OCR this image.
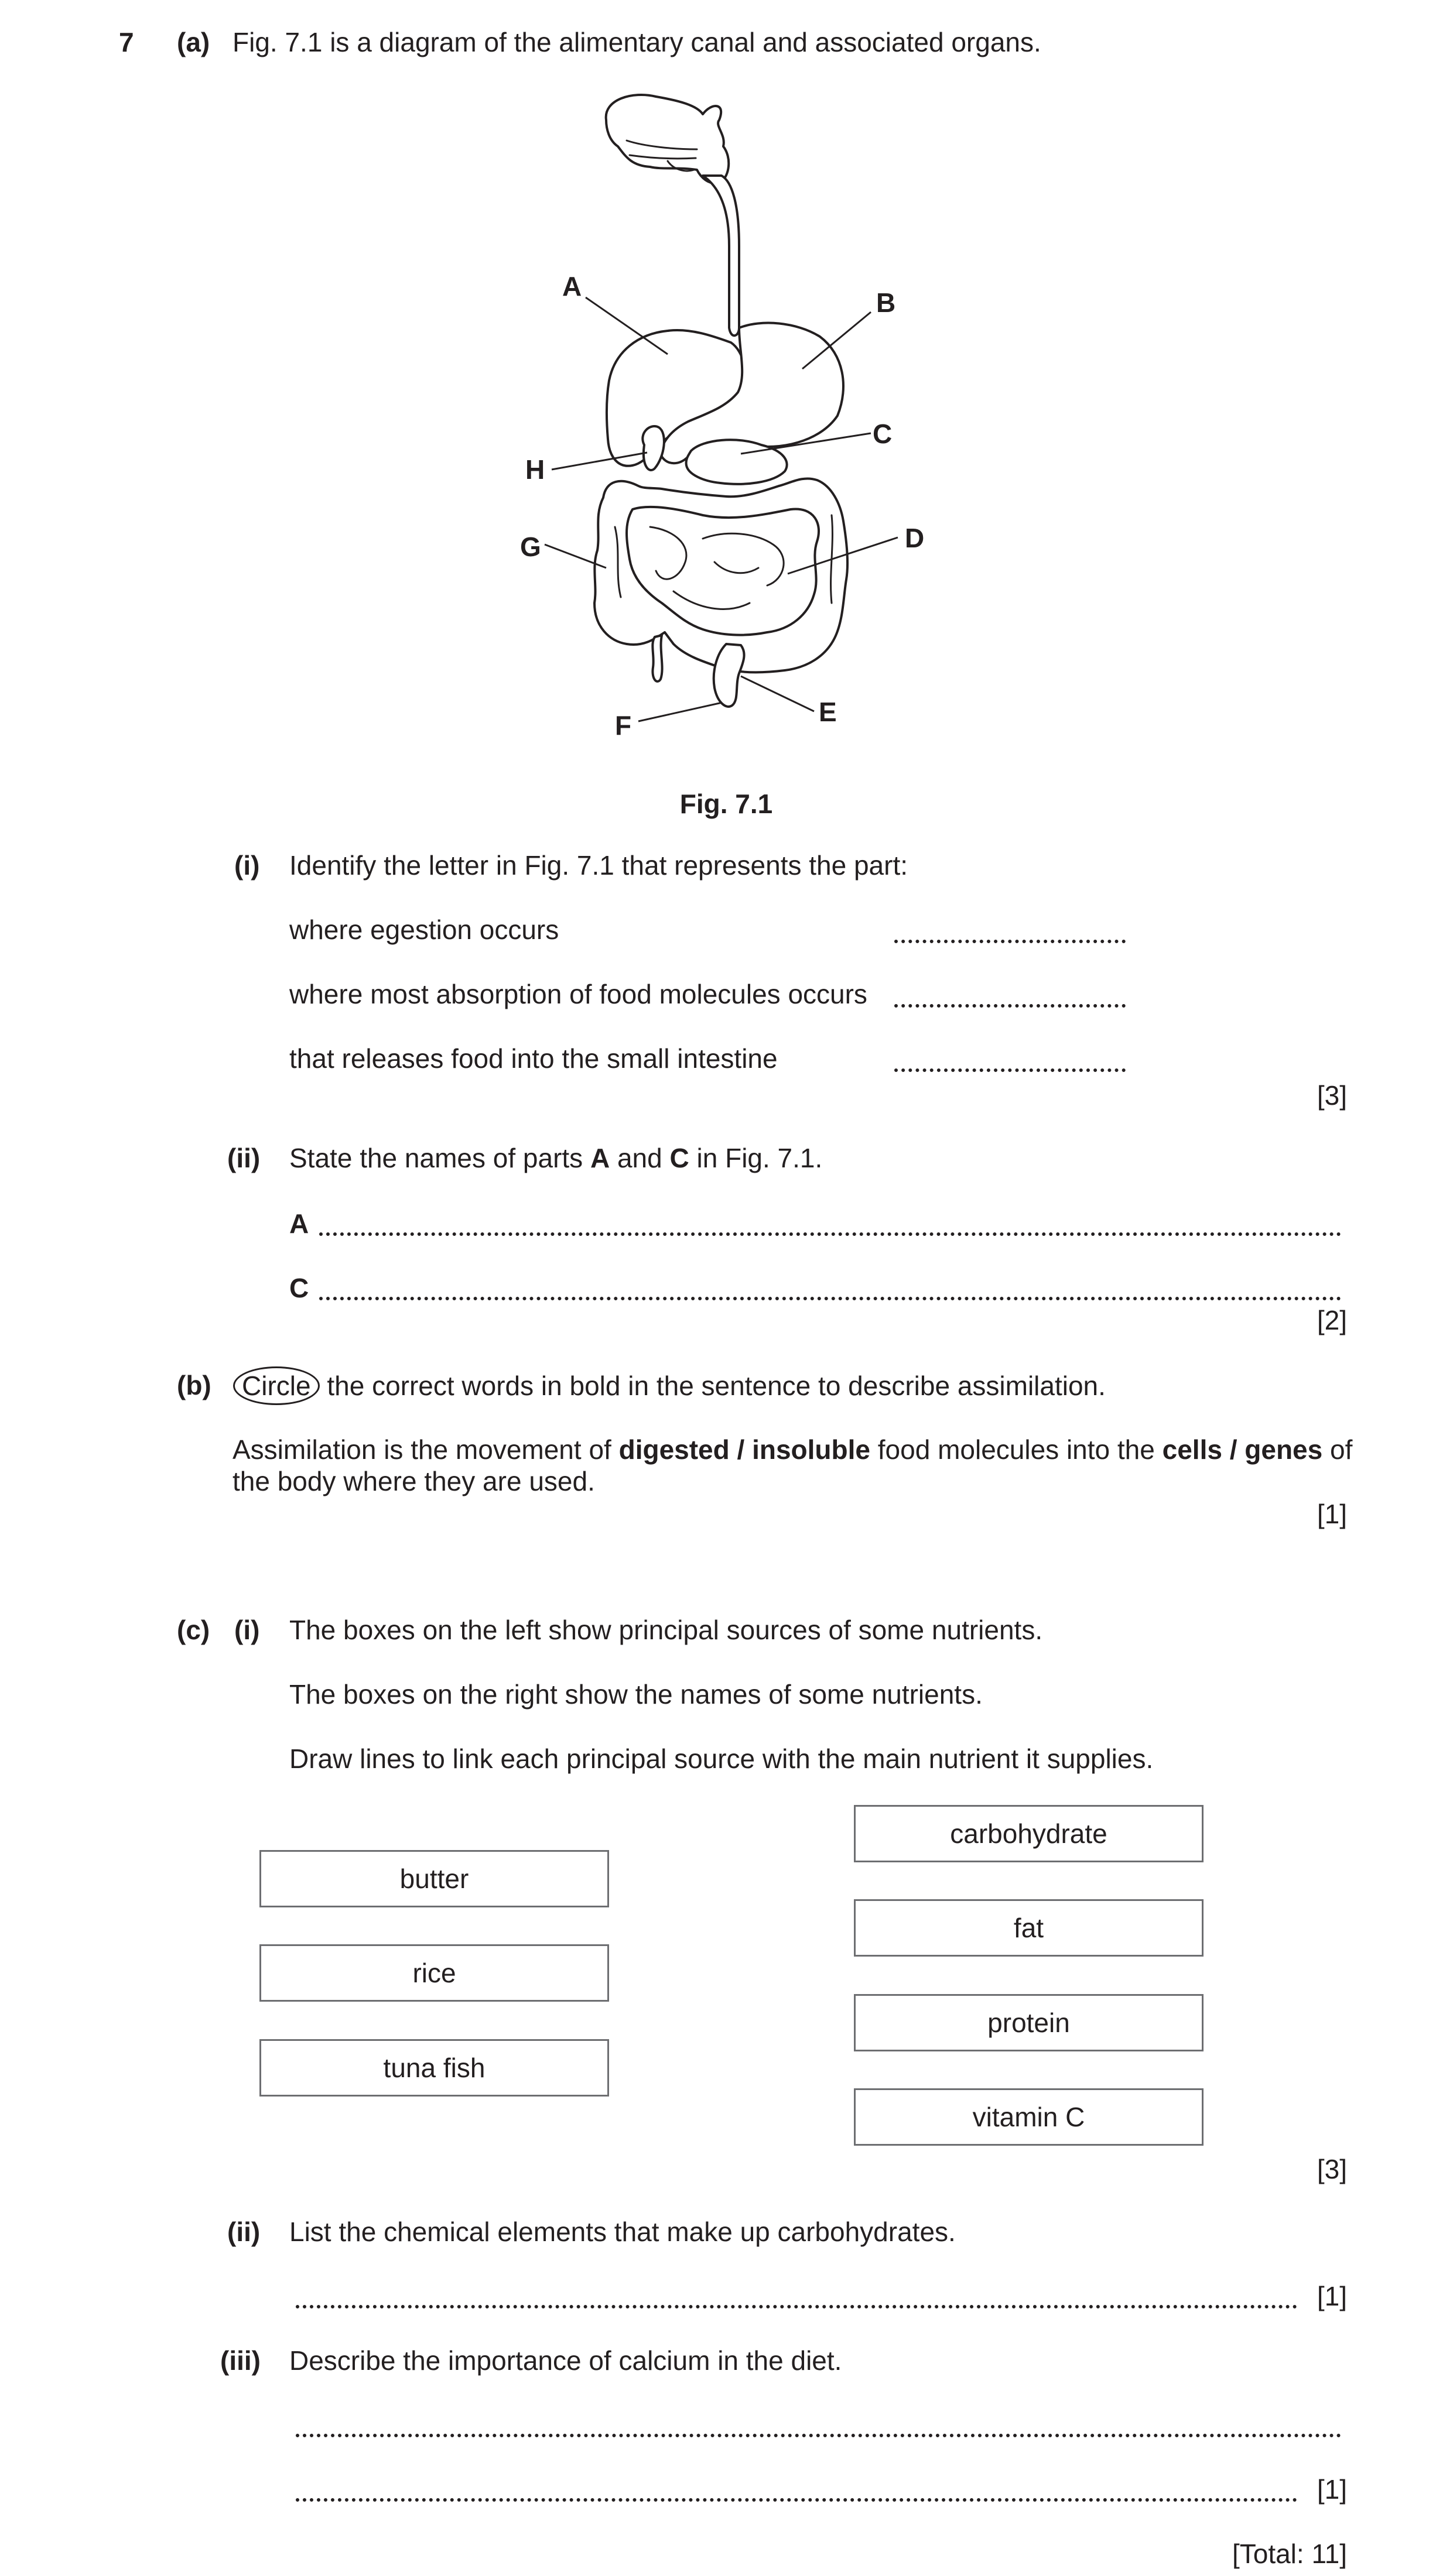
7 (a) Fig. 7.1 is a diagram of the alimentary canal and associated organs.
A
B
C
D
E
F
G
H
Fig. 7.1
(i) Identify the letter in Fig. 7.1 that represents the part:
where egestion occurs
where most absorption of food molecules occurs
that releases food into the small intestine
[3]
(ii) State the names of parts A and C in Fig. 7.1.
A
C
[2]
(b) Circle the correct words in bold in the sentence to describe assimilation.
Assimilation is the movement of digested / insoluble food molecules into the cells / genes of
the body where they are used.
[1]
(c) (i) The boxes on the left show principal sources of some nutrients.
The boxes on the right show the names of some nutrients.
Draw lines to link each principal source with the main nutrient it supplies.
butter
rice
tuna fish
carbohydrate
fat
protein
vitamin C
[3]
(ii) List the chemical elements that make up carbohydrates.
[1]
(iii) Describe the importance of calcium in the diet.
[1]
[Total: 11]
